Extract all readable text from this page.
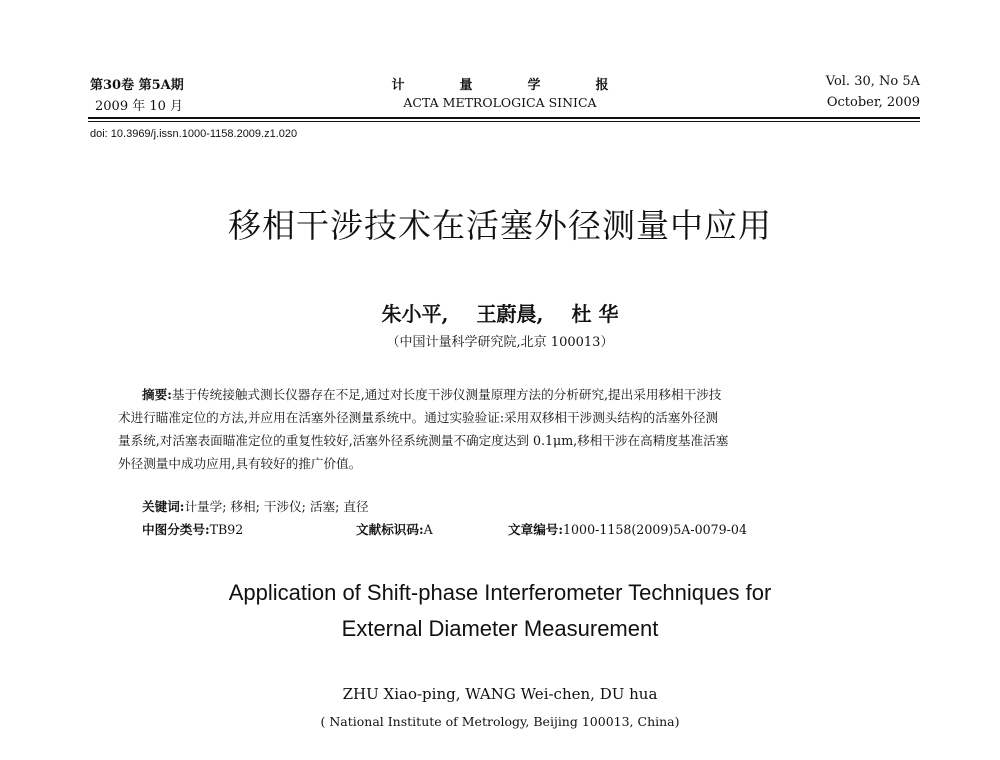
第30卷 第5A期
2009 年 10 月
计	量	学	报
ACTA METROLOGICA SINICA
Vol. 30, No 5A
October, 2009
doi: 10.3969/j.issn.1000-1158.2009.z1.020
移相干涉技术在活塞外径测量中应用
朱小平, 王蔚晨, 杜 华
（中国计量科学研究院,北京 100013）
摘要:基于传统接触式测长仪器存在不足,通过对长度干涉仪测量原理方法的分析研究,提出采用移相干涉技
术进行瞄准定位的方法,并应用在活塞外径测量系统中。通过实验验证:采用双移相干涉测头结构的活塞外径测
量系统,对活塞表面瞄准定位的重复性较好,活塞外径系统测量不确定度达到 0.1μm,移相干涉在高精度基准活塞
外径测量中成功应用,具有较好的推广价值。
关键词:计量学; 移相; 干涉仪; 活塞; 直径
中图分类号:TB92	文献标识码:A	文章编号:1000-1158(2009)5A-0079-04
Application of Shift-phase Interferometer Techniques for
External Diameter Measurement
ZHU Xiao-ping, WANG Wei-chen, DU hua
( National Institute of Metrology, Beijing 100013, China)
